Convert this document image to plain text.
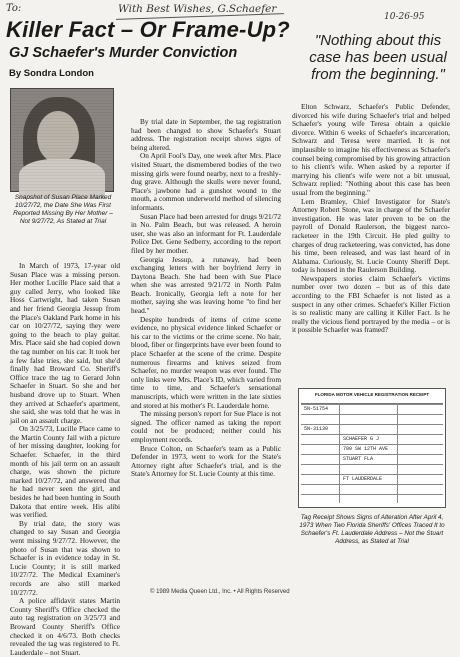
To:	With Best Wishes, G.Schaefer
10-26-95
Killer Fact – Or Frame-Up?
GJ Schaefer's Murder Conviction
By Sondra London
"Nothing about this case has been usual from the beginning."
Snapshot of Susan Place Marked 10/27/72, the Date She Was First Reported Missing By Her Mother – Not 9/27/72, As Stated at Trial

In March of 1973, 17-year old Susan Place was a missing person. Her mother Lucille Place said that a guy called Jerry, who looked like Hoss Cartwright, had taken Susan and her friend Georgia Jessup from the Place's Oakland Park home in his car on 10/27/72, saying they were going to the beach to play guitar. Mrs. Place said she had copied down the tag number on his car. It took her a few false tries, she said, but she'd finally had Broward Co. Sheriff's Office trace the tag to Gerard John Schaefer in Stuart. So she and her husband drove up to Stuart. When they arrived at Schaefer's apartment, she said, she was told that he was in jail on an assault charge.

On 3/25/73, Lucille Place came to the Martin County Jail with a picture of her missing daughter, looking for Schaefer. Schaefer, in the third month of his jail term on an assault charge, was shown the picture marked 10/27/72, and answered that he had never seen the girl, and besides he had been hunting in South Dakota that entire week. His alibi was verified.

By trial date, the story was changed to say Susan and Georgia went missing 9/27/72. However, the photo of Susan that was shown to Schaefer is in evidence today in St. Lucie County; it is still marked 10/27/72. The Medical Examiner's records are also still marked 10/27/72.

A police affidavit states Martin County Sheriff's Office checked the auto tag registration on 3/25/73 and Broward County Sheriff's Office checked it on 4/6/73. Both checks revealed the tag was registered to Ft. Lauderdale – not Stuart.

By trial date in September, the tag registration had been changed to show Schaefer's Stuart address. The registration receipt shows signs of being altered.

On April Fool's Day, one week after Mrs. Place visited Stuart, the dismembered bodies of the two missing girls were found nearby, next to a freshly-dug grave. Although the skulls were never found, Place's jawbone had a gunshot wound to the mouth, a common underworld method of silencing informants.

Susan Place had been arrested for drugs 9/21/72 in No. Palm Beach, but was released. A heroin user, she was also an informant for Ft. Lauderdale Police Det. Gene Sedberry, according to the report filed by her mother.

Georgia Jessup, a runaway, had been exchanging letters with her boyfriend Jerry in Daytona Beach. She had been with Sue Place when she was arrested 9/21/72 in North Palm Beach. Ironically, Georgia left a note for her mother, saying she was leaving home "to find her head."

Despite hundreds of items of crime scene evidence, no physical evidence linked Schaefer or his car to the victims or the crime scene. No hair, blood, fiber or fingerprints have ever been found to place Schaefer at the scene of the crime. Despite numerous firearms and knives seized from Schaefer, no murder weapon was ever found. The only links were Mrs. Place's ID, which varied from time to time, and Schaefer's sensational manuscripts, which were written in the late sixties and stored at his mother's Ft. Lauderdale home.

The missing person's report for Sue Place is not signed. The officer named as taking the report could not be produced; neither could his employment records.

Bruce Colton, on Schaefer's team as a Public Defender in 1973, went to work for the State's Attorney right after Schaefer's trial, and is the State's Attorney for St. Lucie County at this time.

Elton Schwarz, Schaefer's Public Defender, divorced his wife during Schaefer's trial and helped Schaefer's young wife Teresa obtain a quickie divorce. Within 6 weeks of Schaefer's incarceration, Schwarz and Teresa were married. It is not implausible to imagine his effectiveness as Schaefer's counsel being compromised by his growing attraction to his client's wife. When asked by a reporter if marrying his client's wife were not a bit unusual, Schwarz replied: "Nothing about this case has been usual from the beginning."

Lem Bramley, Chief Investigator for State's Attorney Robert Stone, was in charge of the Schaefer investigation. He was later proven to be on the payroll of Donald Raulerson, the biggest narco-racketeer in the 19th Circuit. He pled guilty to charges of drug racketeering, was convicted, has done his time, been released, and was last heard of in Alabama. Curiously, St. Lucie County Sheriff Dept. today is housed in the Raulerson Building.

Newspapers stories claim Schaefer's victims number over two dozen – but as of this date according to the FBI Schaefer is not listed as a suspect in any other crimes. Schaefer's Killer Fiction is so realistic many are calling it Killer Fact. Is he really the vicious fiend portrayed by the media – or is it possible Schaefer was framed?

FLORIDA MOTOR VEHICLE REGISTRATION RECEIPT
5N-51754
5N-31130
SCHAEFER G J
700 SW 12TH AVE
STUART FLA
FT LAUDERDALE
Tag Receipt Shows Signs of Alteration After April 4, 1973 When Two Florida Sheriffs' Offices Traced It to Schaefer's Ft. Lauderdale Address – Not the Stuart Address, as Stated at Trial
© 1989 Media Queen Ltd., Inc. • All Rights Reserved
